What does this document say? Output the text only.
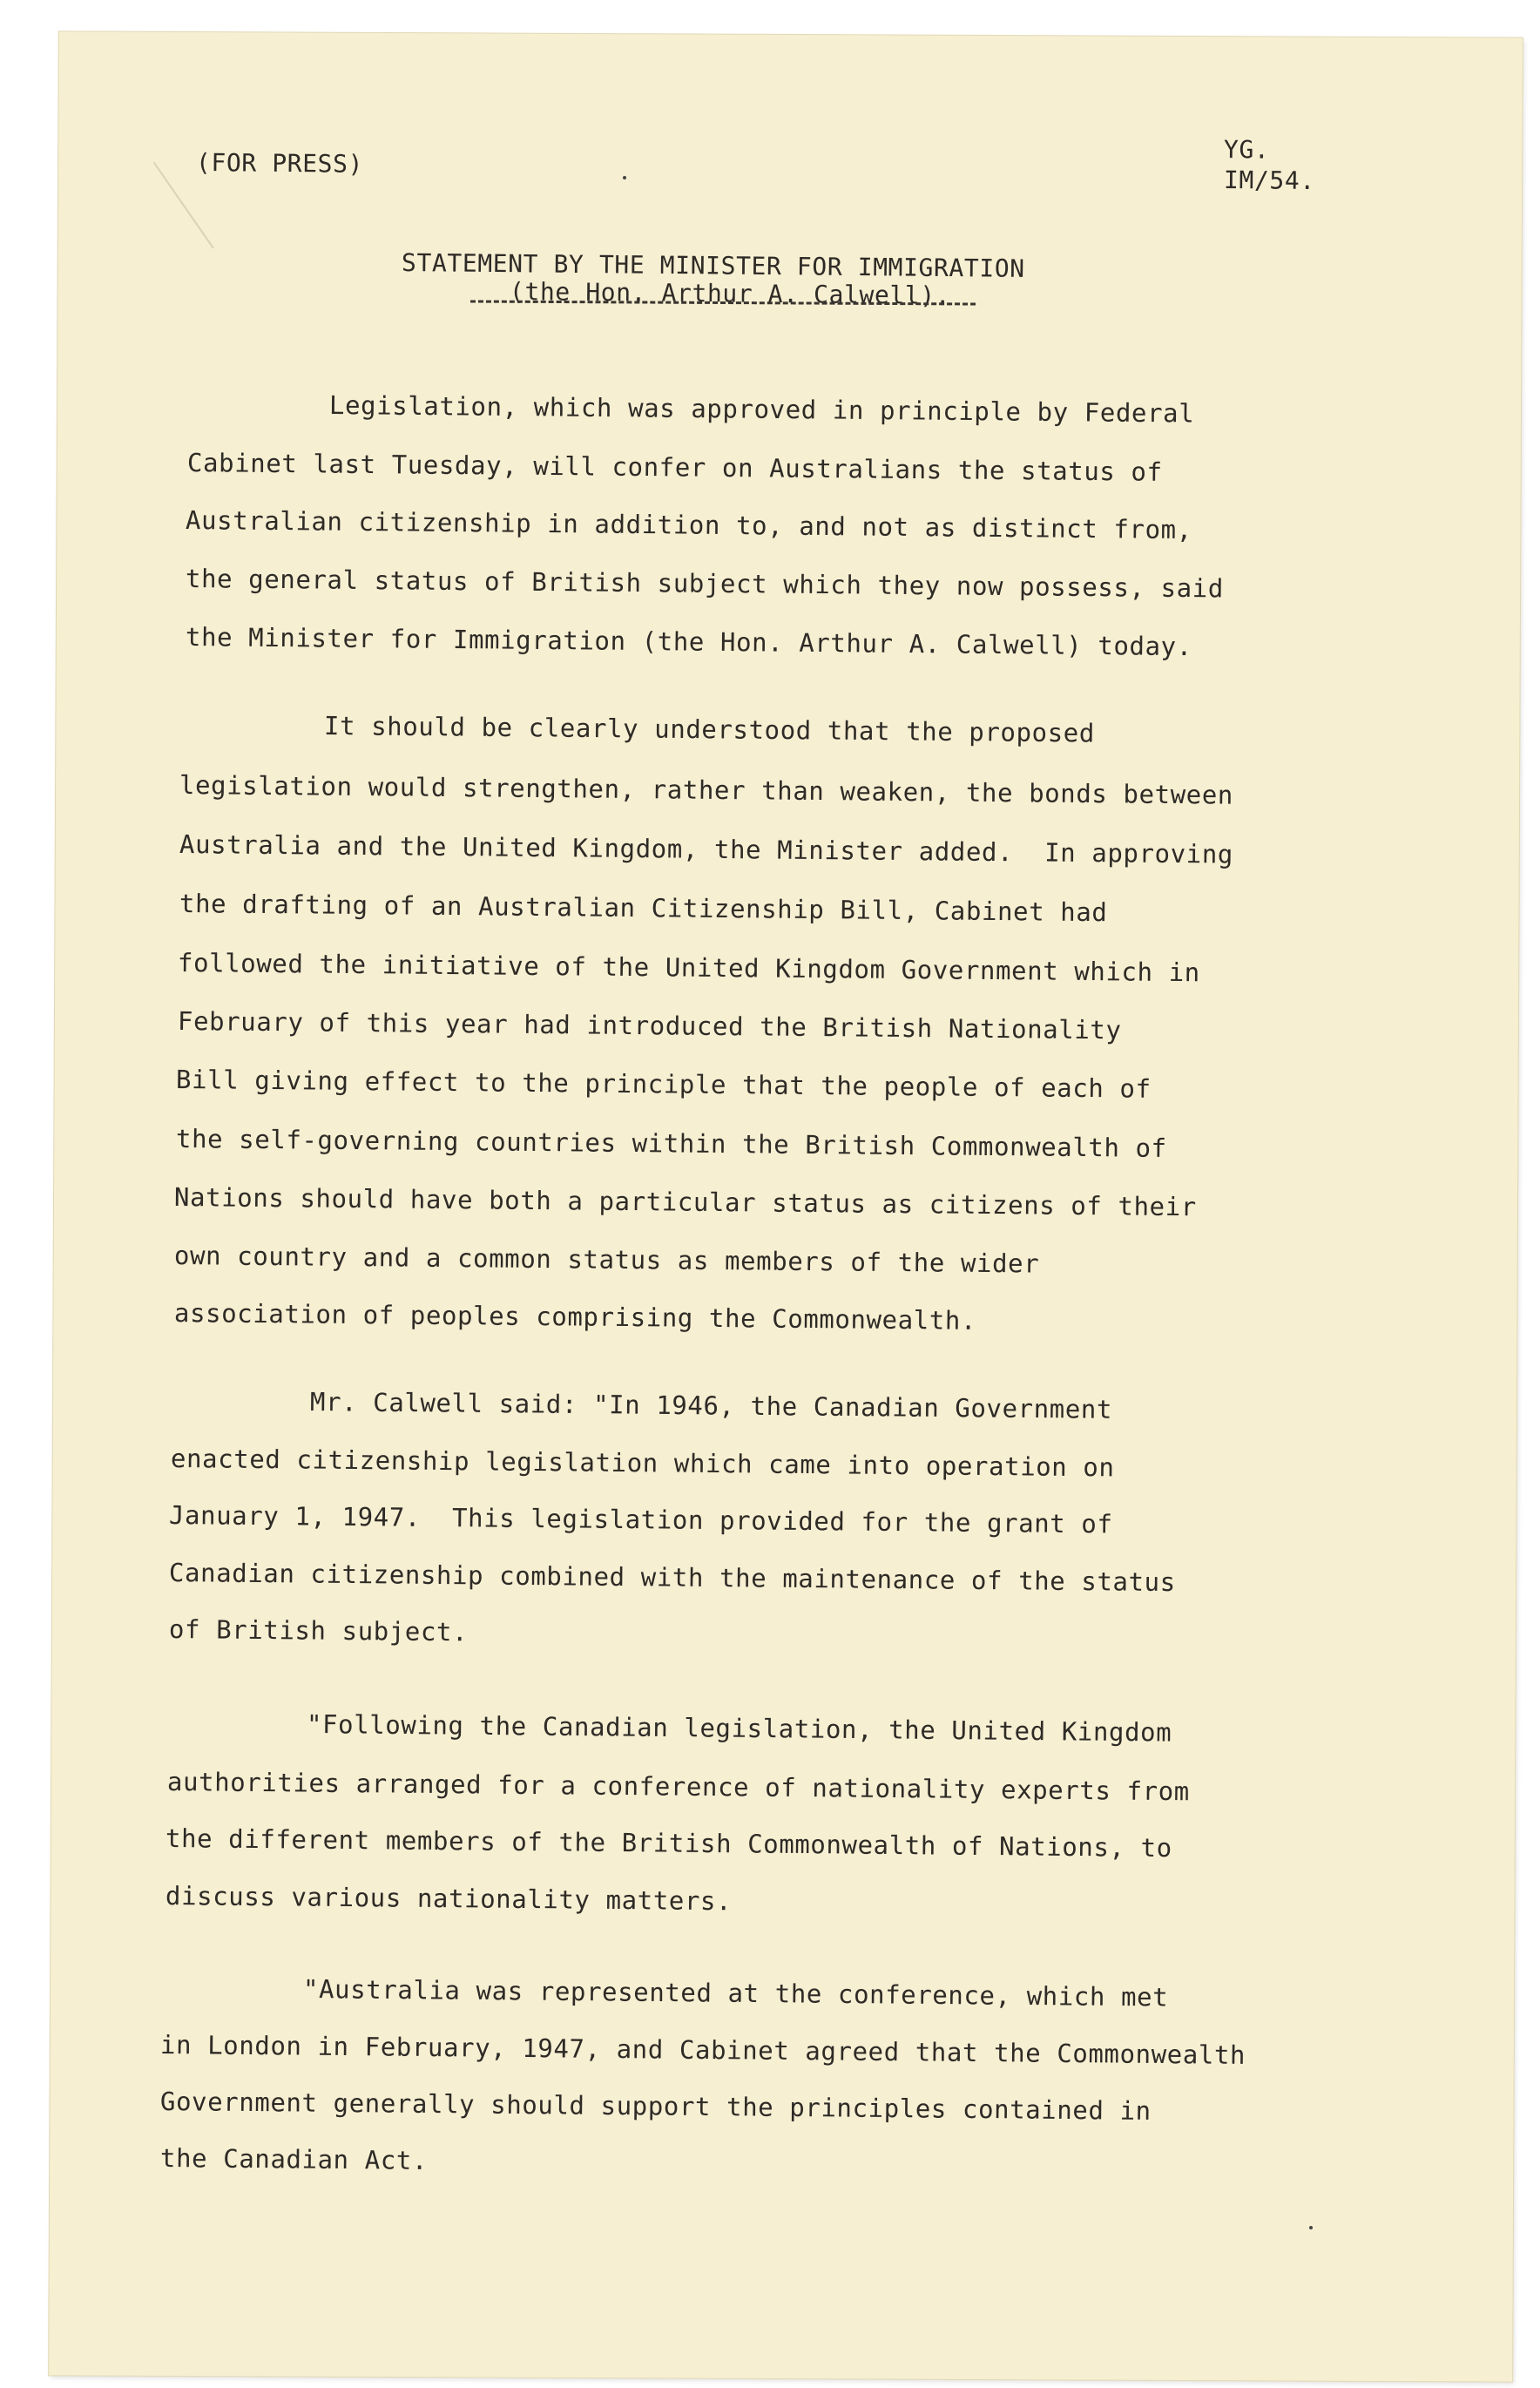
(FOR PRESS)	YG.
IM/54.
STATEMENT BY THE MINISTER FOR IMMIGRATION
(the Hon. Arthur A. Calwell).
Legislation, which was approved in principle by Federal
Cabinet last Tuesday, will confer on Australians the status of
Australian citizenship in addition to, and not as distinct from,
the general status of British subject which they now possess, said
the Minister for Immigration (the Hon. Arthur A. Calwell) today.
It should be clearly understood that the proposed
legislation would strengthen, rather than weaken, the bonds between
Australia and the United Kingdom, the Minister added.  In approving
the drafting of an Australian Citizenship Bill, Cabinet had
followed the initiative of the United Kingdom Government which in
February of this year had introduced the British Nationality
Bill giving effect to the principle that the people of each of
the self-governing countries within the British Commonwealth of
Nations should have both a particular status as citizens of their
own country and a common status as members of the wider
association of peoples comprising the Commonwealth.
Mr. Calwell said: "In 1946, the Canadian Government
enacted citizenship legislation which came into operation on
January 1, 1947.  This legislation provided for the grant of
Canadian citizenship combined with the maintenance of the status
of British subject.
"Following the Canadian legislation, the United Kingdom
authorities arranged for a conference of nationality experts from
the different members of the British Commonwealth of Nations, to
discuss various nationality matters.
"Australia was represented at the conference, which met
in London in February, 1947, and Cabinet agreed that the Commonwealth
Government generally should support the principles contained in
the Canadian Act.
